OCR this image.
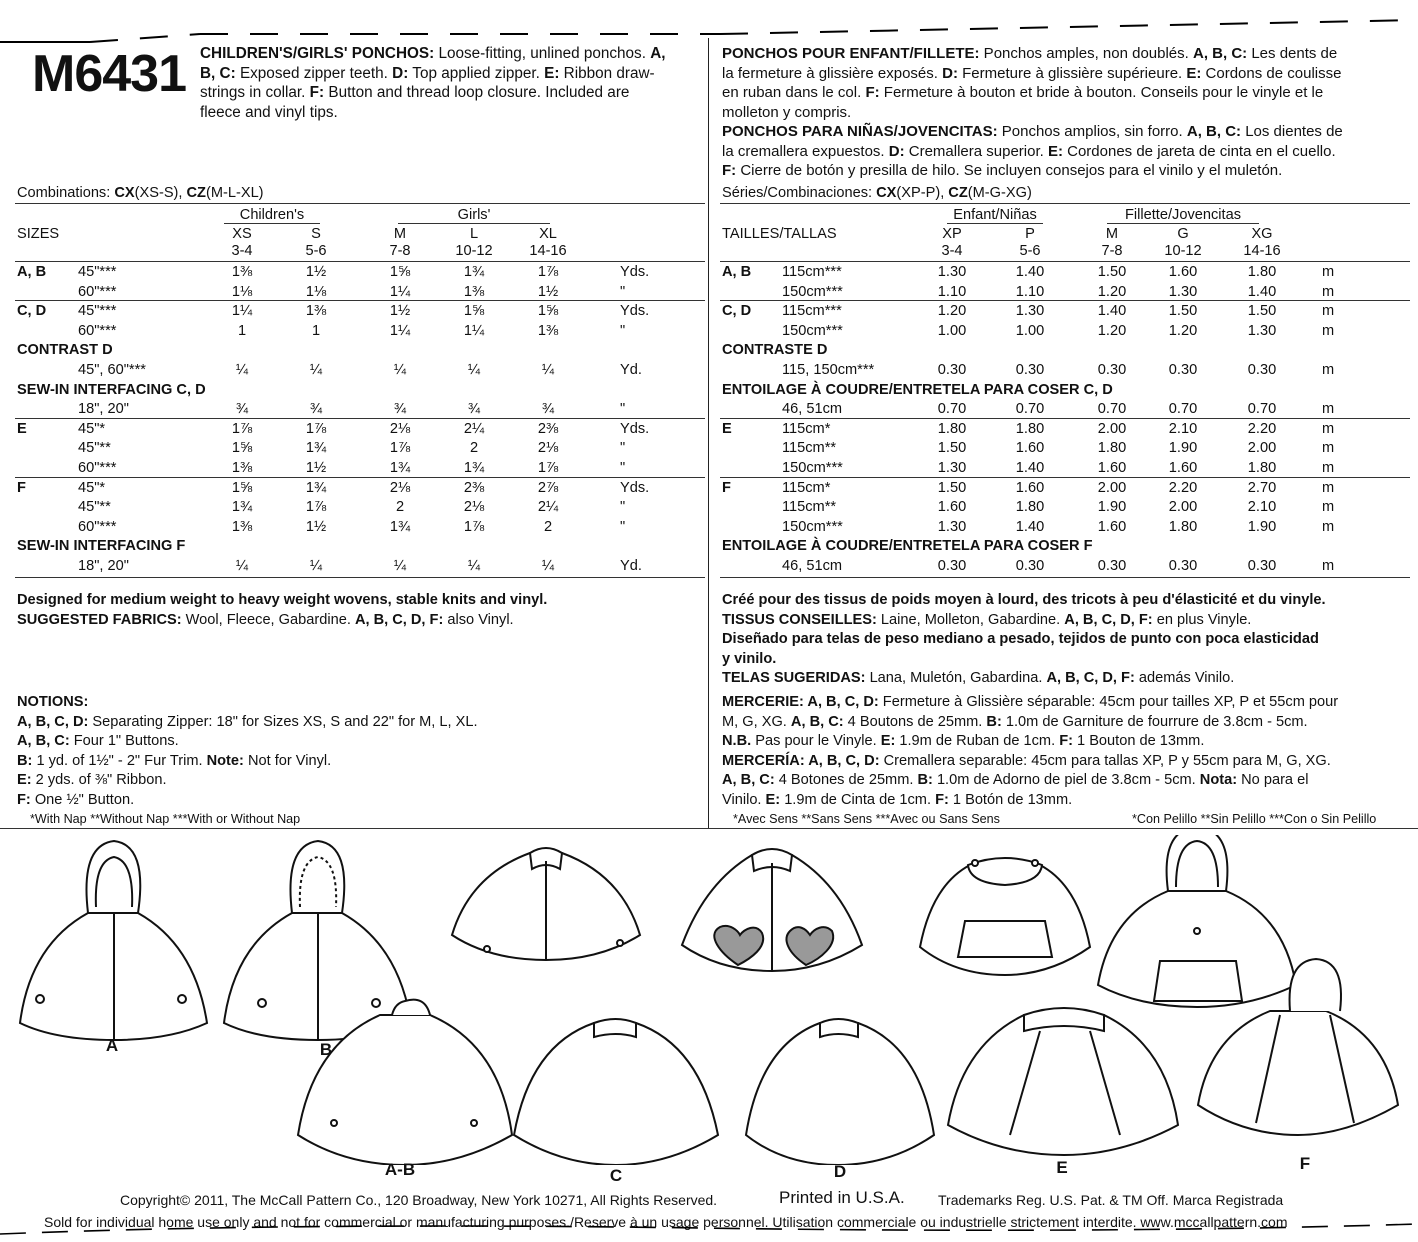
M6431 CHILDREN'S/GIRLS' PONCHOS: Loose-fitting, unlined ponchos. A,
B, C: Exposed zipper teeth. D: Top applied zipper. E: Ribbon draw-
strings in collar. F: Button and thread loop closure. Included are
fleece and vinyl tips.
PONCHOS POUR ENFANT/FILLETE: Ponchos amples, non doublés. A, B, C: Les dents de
la fermeture à glissière exposés. D: Fermeture à glissière supérieure. E: Cordons de coulisse
en ruban dans le col. F: Fermeture à bouton et bride à bouton. Conseils pour le vinyle et le
molleton y compris.
PONCHOS PARA NIÑAS/JOVENCITAS: Ponchos amplios, sin forro. A, B, C: Los dientes de
la cremallera expuestos. D: Cremallera superior. E: Cordones de jareta de cinta en el cuello.
F: Cierre de botón y presilla de hilo. Se incluyen consejos para el vinilo y el muletón.
Combinations: CX(XS-S), CZ(M-L-XL)
Children's	Girls'
SIZES	XS	S	M	L	XL
3-4	5-6	7-8	10-12	14-16
A, B 45"***	1⅜	1½	1⅝	1¾	1⅞	Yds.
60"***	1⅛	1⅛	1¼	1⅜	1½	"
C, D 45"***	1¼	1⅜	1½	1⅝	1⅝	Yds.
60"***	1	1	1¼	1¼	1⅜	"
CONTRAST D
45", 60"***	¼	¼	¼	¼	¼	Yd.
SEW-IN INTERFACING C, D
18", 20"	¾	¾	¾	¾	¾	"
E	45"*	1⅞	1⅞	2⅛	2¼	2⅜	Yds.
45"**	1⅝	1¾	1⅞	2	2⅛	"
60"***	1⅜	1½	1¾	1¾	1⅞	"
F	45"*	1⅝	1¾	2⅛	2⅜	2⅞	Yds.
45"**	1¾	1⅞	2	2⅛	2¼	"
60"***	1⅜	1½	1¾	1⅞	2	"
SEW-IN INTERFACING F
18", 20"	¼	¼	¼	¼	¼	Yd.
Séries/Combinaciones: CX(XP-P), CZ(M-G-XG)
Enfant/Niñas	Fillette/Jovencitas
TAILLES/TALLAS	XP	P	M	G	XG
3-4	5-6	7-8	10-12	14-16
A, B 115cm***	1.30	1.40	1.50	1.60	1.80	m
150cm***	1.10	1.10	1.20	1.30	1.40	m
C, D 115cm***	1.20	1.30	1.40	1.50	1.50	m
150cm***	1.00	1.00	1.20	1.20	1.30	m
CONTRASTE D
115, 150cm***	0.30	0.30	0.30	0.30	0.30	m
ENTOILAGE À COUDRE/ENTRETELA PARA COSER C, D
46, 51cm	0.70	0.70	0.70	0.70	0.70	m
E	115cm*	1.80	1.80	2.00	2.10	2.20	m
115cm**	1.50	1.60	1.80	1.90	2.00	m
150cm***	1.30	1.40	1.60	1.60	1.80	m
F	115cm*	1.50	1.60	2.00	2.20	2.70	m
115cm**	1.60	1.80	1.90	2.00	2.10	m
150cm***	1.30	1.40	1.60	1.80	1.90	m
ENTOILAGE À COUDRE/ENTRETELA PARA COSER F
46, 51cm	0.30	0.30	0.30	0.30	0.30	m
Designed for medium weight to heavy weight wovens, stable knits and vinyl.
SUGGESTED FABRICS: Wool, Fleece, Gabardine. A, B, C, D, F: also Vinyl.
Créé pour des tissus de poids moyen à lourd, des tricots à peu d'élasticité et du vinyle.
TISSUS CONSEILLES: Laine, Molleton, Gabardine. A, B, C, D, F: en plus Vinyle.
Diseñado para telas de peso mediano a pesado, tejidos de punto con poca elasticidad
y vinilo.
TELAS SUGERIDAS: Lana, Muletón, Gabardina. A, B, C, D, F: además Vinilo.
NOTIONS:
A, B, C, D: Separating Zipper: 18" for Sizes XS, S and 22" for M, L, XL.
A, B, C: Four 1" Buttons.
B: 1 yd. of 1½" - 2" Fur Trim. Note: Not for Vinyl.
E: 2 yds. of ⅜" Ribbon.
F: One ½" Button.
MERCERIE: A, B, C, D: Fermeture à Glissière séparable: 45cm pour tailles XP, P et 55cm pour
M, G, XG. A, B, C: 4 Boutons de 25mm. B: 1.0m de Garniture de fourrure de 3.8cm - 5cm.
N.B. Pas pour le Vinyle. E: 1.9m de Ruban de 1cm. F: 1 Bouton de 13mm.
MERCERÍA: A, B, C, D: Cremallera separable: 45cm para tallas XP, P y 55cm para M, G, XG.
A, B, C: 4 Botones de 25mm. B: 1.0m de Adorno de piel de 3.8cm - 5cm. Nota: No para el
Vinilo. E: 1.9m de Cinta de 1cm. F: 1 Botón de 13mm.
*With Nap **Without Nap ***With or Without Nap	*Avec Sens **Sans Sens ***Avec ou Sans Sens	*Con Pelillo **Sin Pelillo ***Con o Sin Pelillo
A	B
A-B	C	D	E	F
Copyright© 2011, The McCall Pattern Co., 120 Broadway, New York 10271, All Rights Reserved.	Printed in U.S.A. Trademarks Reg. U.S. Pat. & TM Off. Marca Registrada
Sold for individual home use only and not for commercial or manufacturing purposes./Reserve à un usage personnel. Utilisation commerciale ou industrielle strictement interdite. www.mccallpattern.com
